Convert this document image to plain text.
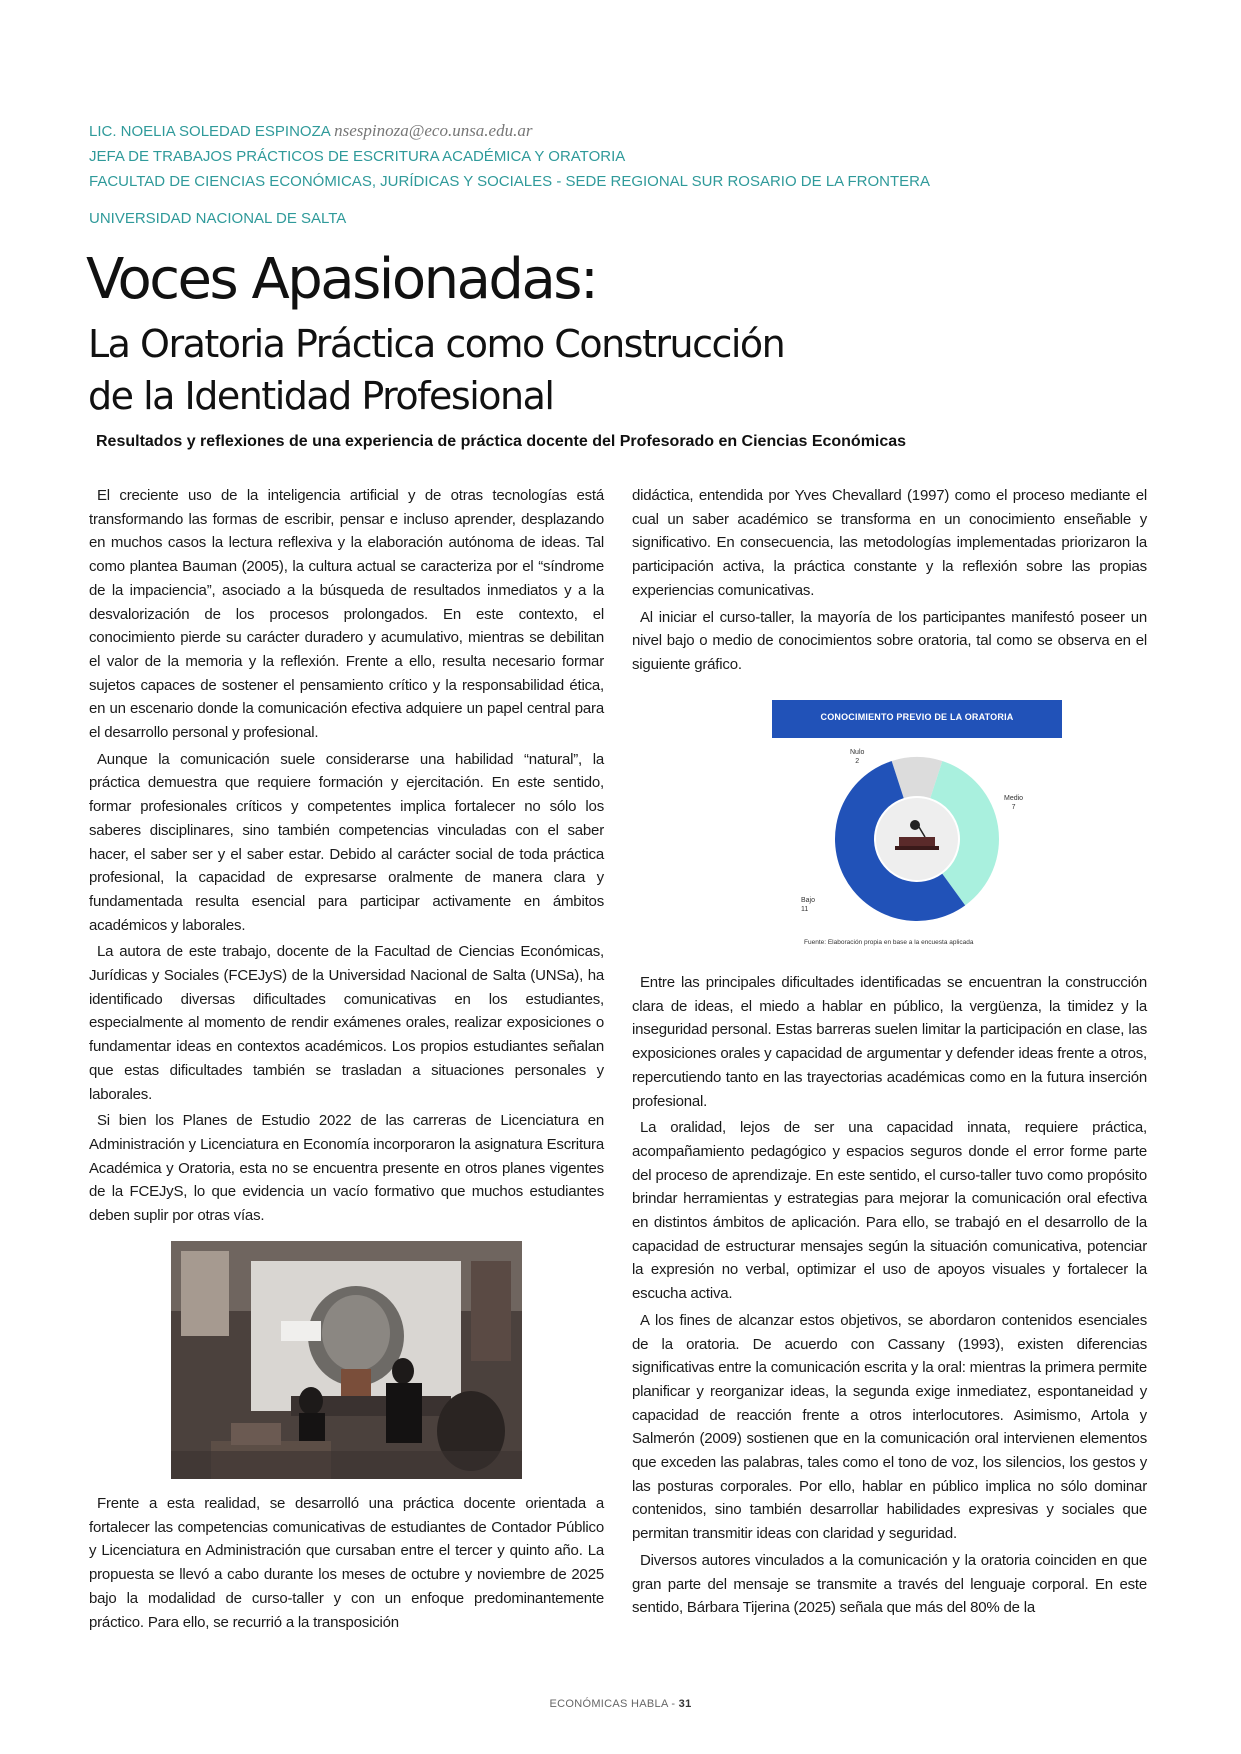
LIC. NOELIA SOLEDAD ESPINOZA nsespinoza@eco.unsa.edu.ar
JEFA DE TRABAJOS PRÁCTICOS DE ESCRITURA ACADÉMICA Y ORATORIA
FACULTAD DE CIENCIAS ECONÓMICAS, JURÍDICAS Y SOCIALES - SEDE REGIONAL SUR ROSARIO DE LA FRONTERA
UNIVERSIDAD NACIONAL DE SALTA
Voces Apasionadas:
La Oratoria Práctica como Construcción
de la Identidad Profesional
Resultados y reflexiones de una experiencia de práctica docente del Profesorado en Ciencias Económicas

El creciente uso de la inteligencia artificial y de otras tecnologías está transformando las formas de escribir, pensar e incluso aprender, desplazando en muchos casos la lectura reflexiva y la elaboración autónoma de ideas. Tal como plantea Bauman (2005), la cultura actual se caracteriza por el “síndrome de la impaciencia”, asociado a la búsqueda de resultados inmediatos y a la desvalorización de los procesos prolongados. En este contexto, el conocimiento pierde su carácter duradero y acumulativo, mientras se debilitan el valor de la memoria y la reflexión. Frente a ello, resulta necesario formar sujetos capaces de sostener el pensamiento crítico y la responsabilidad ética, en un escenario donde la comunicación efectiva adquiere un papel central para el desarrollo personal y profesional.

Aunque la comunicación suele considerarse una habilidad “natural”, la práctica demuestra que requiere formación y ejercitación. En este sentido, formar profesionales críticos y competentes implica fortalecer no sólo los saberes disciplinares, sino también competencias vinculadas con el saber hacer, el saber ser y el saber estar. Debido al carácter social de toda práctica profesional, la capacidad de expresarse oralmente de manera clara y fundamentada resulta esencial para participar activamente en ámbitos académicos y laborales.

La autora de este trabajo, docente de la Facultad de Ciencias Económicas, Jurídicas y Sociales (FCEJyS) de la Universidad Nacional de Salta (UNSa), ha identificado diversas dificultades comunicativas en los estudiantes, especialmente al momento de rendir exámenes orales, realizar exposiciones o fundamentar ideas en contextos académicos. Los propios estudiantes señalan que estas dificultades también se trasladan a situaciones personales y laborales.

Si bien los Planes de Estudio 2022 de las carreras de Licenciatura en Administración y Licenciatura en Economía incorporaron la asignatura Escritura Académica y Oratoria, esta no se encuentra presente en otros planes vigentes de la FCEJyS, lo que evidencia un vacío formativo que muchos estudiantes deben suplir por otras vías.

Frente a esta realidad, se desarrolló una práctica docente orientada a fortalecer las competencias comunicativas de estudiantes de Contador Público y Licenciatura en Administración que cursaban entre el tercer y quinto año. La propuesta se llevó a cabo durante los meses de octubre y noviembre de 2025 bajo la modalidad de curso-taller y con un enfoque predominantemente práctico. Para ello, se recurrió a la transposición

didáctica, entendida por Yves Chevallard (1997) como el proceso mediante el cual un saber académico se transforma en un conocimiento enseñable y significativo. En consecuencia, las metodologías implementadas priorizaron la participación activa, la práctica constante y la reflexión sobre las propias experiencias comunicativas.

Al iniciar el curso-taller, la mayoría de los participantes manifestó poseer un nivel bajo o medio de conocimientos sobre oratoria, tal como se observa en el siguiente gráfico.

CONOCIMIENTO PREVIO DE LA ORATORIA
Nulo
2
Medio
7
Bajo
11
Fuente: Elaboración propia en base a la encuesta aplicada

Entre las principales dificultades identificadas se encuentran la construcción clara de ideas, el miedo a hablar en público, la vergüenza, la timidez y la inseguridad personal. Estas barreras suelen limitar la participación en clase, las exposiciones orales y capacidad de argumentar y defender ideas frente a otros, repercutiendo tanto en las trayectorias académicas como en la futura inserción profesional.

La oralidad, lejos de ser una capacidad innata, requiere práctica, acompañamiento pedagógico y espacios seguros donde el error forme parte del proceso de aprendizaje. En este sentido, el curso-taller tuvo como propósito brindar herramientas y estrategias para mejorar la comunicación oral efectiva en distintos ámbitos de aplicación. Para ello, se trabajó en el desarrollo de la capacidad de estructurar mensajes según la situación comunicativa, potenciar la expresión no verbal, optimizar el uso de apoyos visuales y fortalecer la escucha activa.

A los fines de alcanzar estos objetivos, se abordaron contenidos esenciales de la oratoria. De acuerdo con Cassany (1993), existen diferencias significativas entre la comunicación escrita y la oral: mientras la primera permite planificar y reorganizar ideas, la segunda exige inmediatez, espontaneidad y capacidad de reacción frente a otros interlocutores. Asimismo, Artola y Salmerón (2009) sostienen que en la comunicación oral intervienen elementos que exceden las palabras, tales como el tono de voz, los silencios, los gestos y las posturas corporales. Por ello, hablar en público implica no sólo dominar contenidos, sino también desarrollar habilidades expresivas y sociales que permitan transmitir ideas con claridad y seguridad.

Diversos autores vinculados a la comunicación y la oratoria coinciden en que gran parte del mensaje se transmite a través del lenguaje corporal. En este sentido, Bárbara Tijerina (2025) señala que más del 80% de la

ECONÓMICAS HABLA - 31
